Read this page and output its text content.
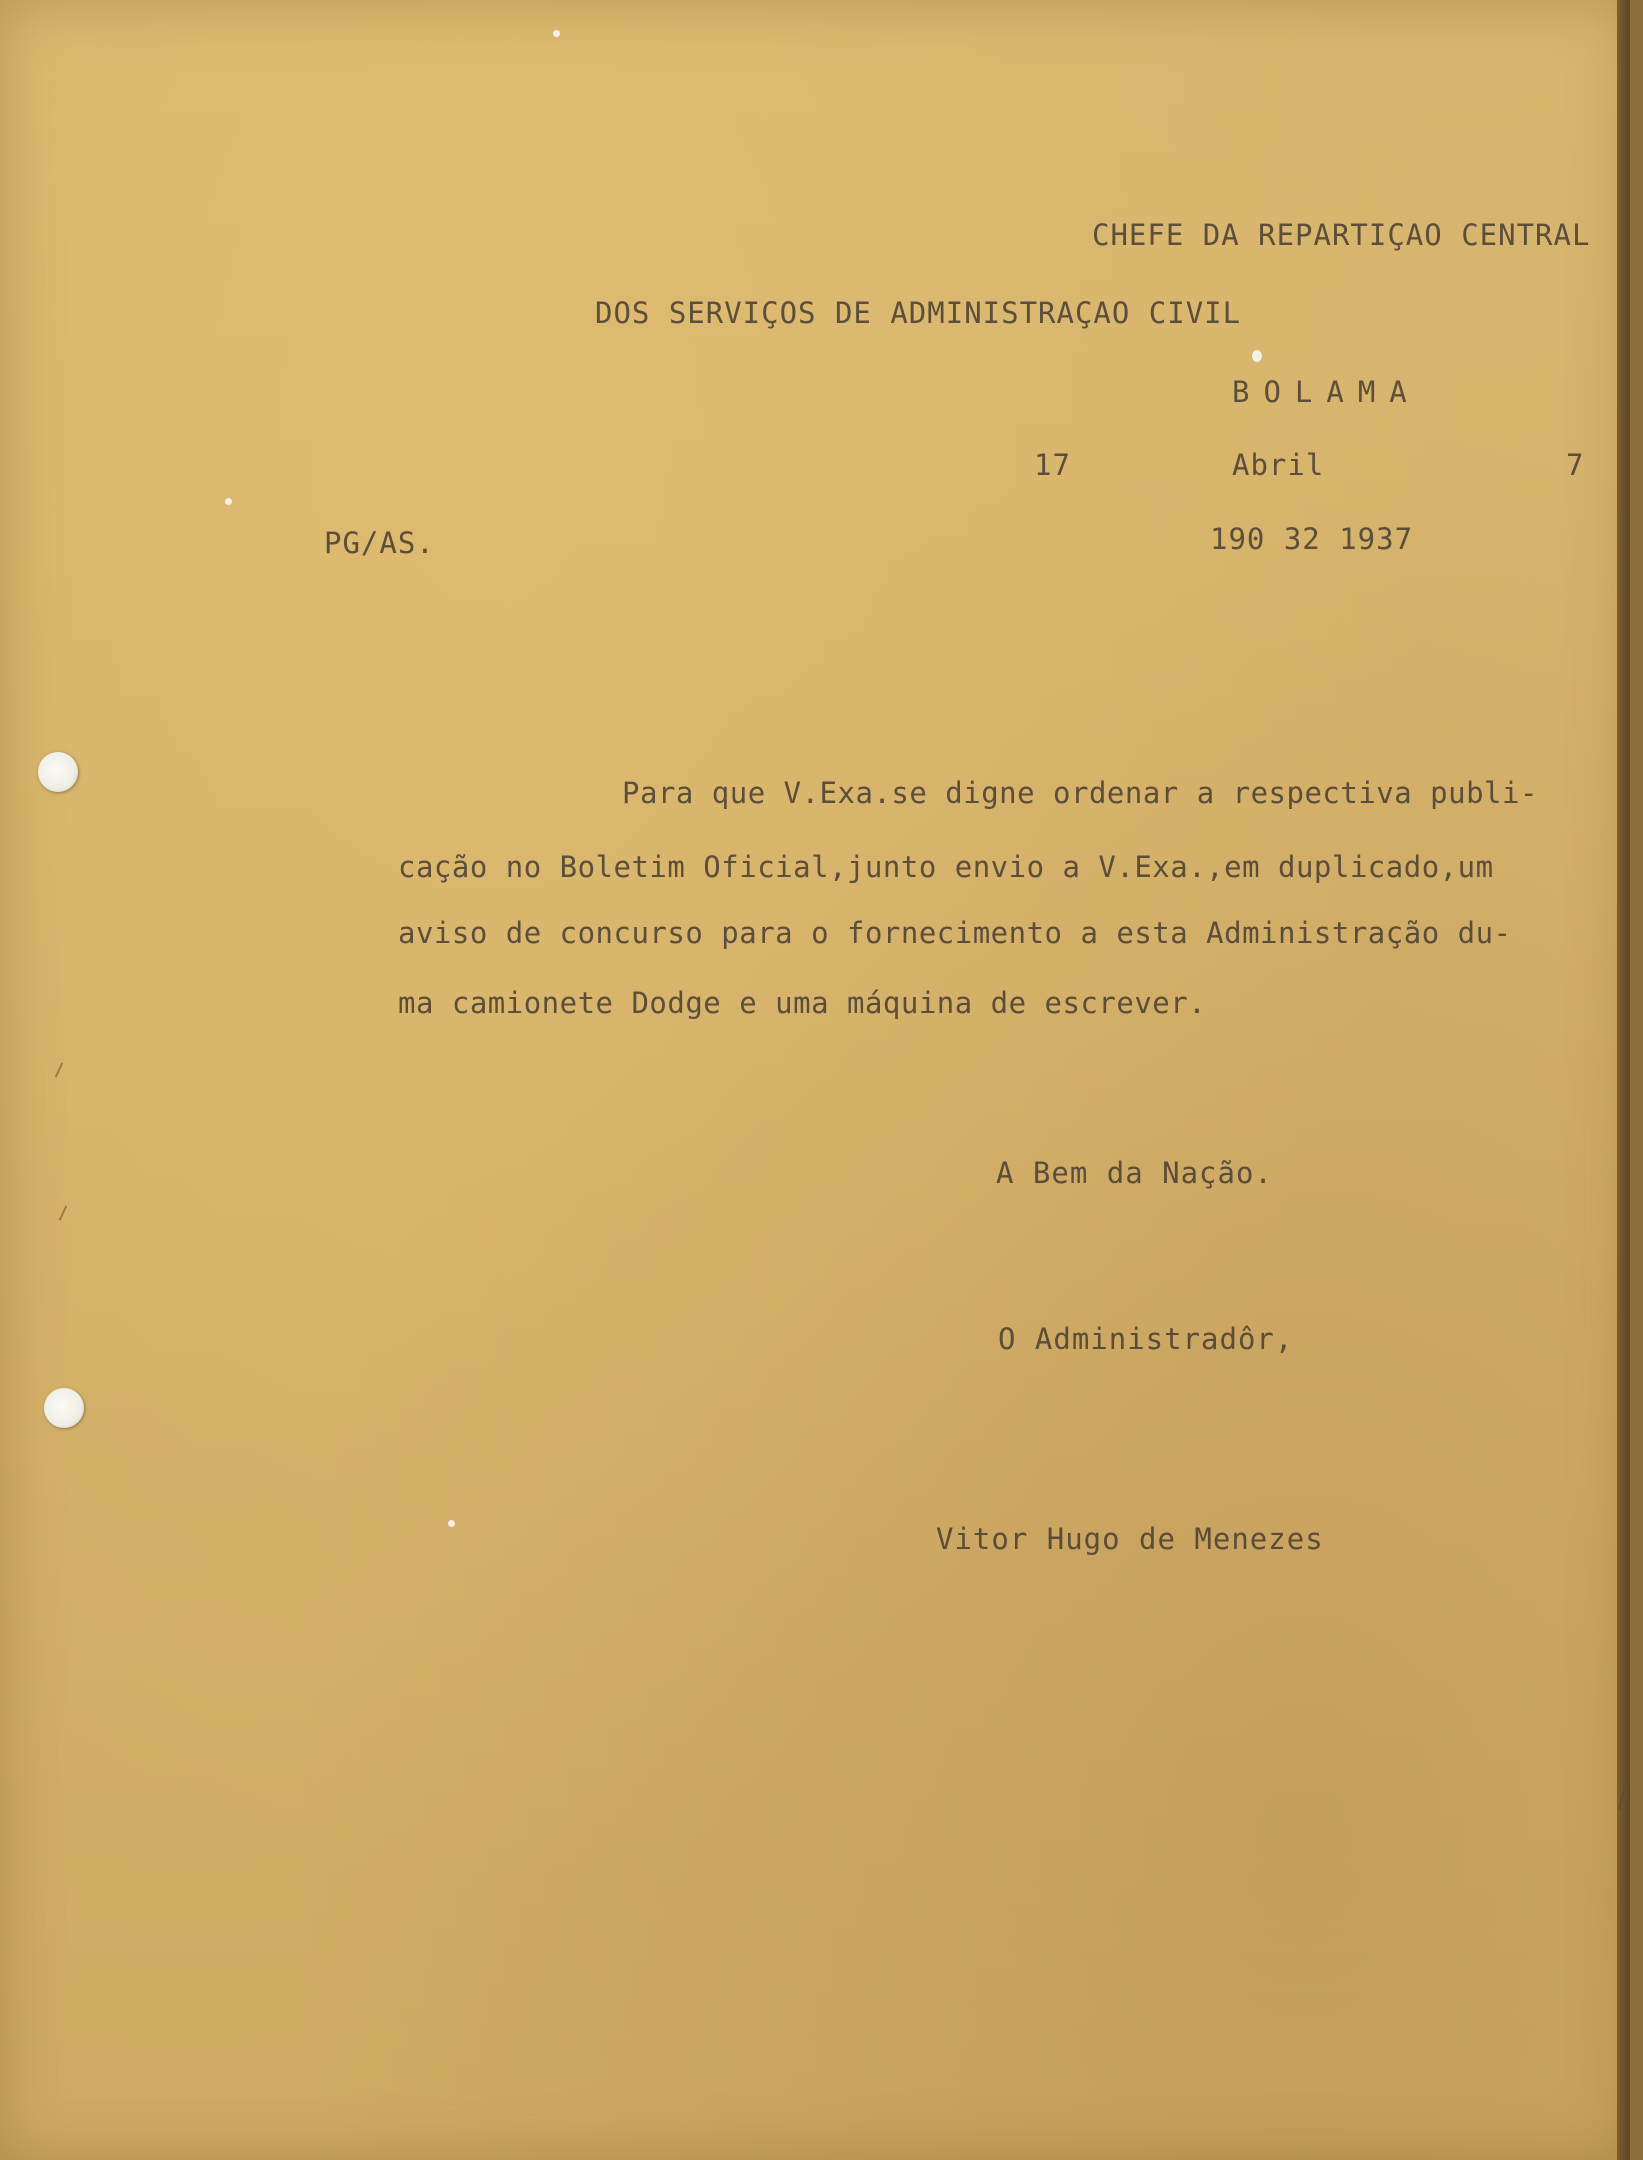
CHEFE DA REPARTIÇAO CENTRAL
DOS SERVIÇOS DE ADMINISTRAÇAO CIVIL
BOLAMA
17	Abril	7
PG/AS.	190 32 1937
Para que V.Exa.se digne ordenar a respectiva publi-
cação no Boletim Oficial,junto envio a V.Exa.,em duplicado,um
aviso de concurso para o fornecimento a esta Administração du-
ma camionete Dodge e uma máquina de escrever.
A Bem da Nação.
O Administradôr,
Vitor Hugo de Menezes
